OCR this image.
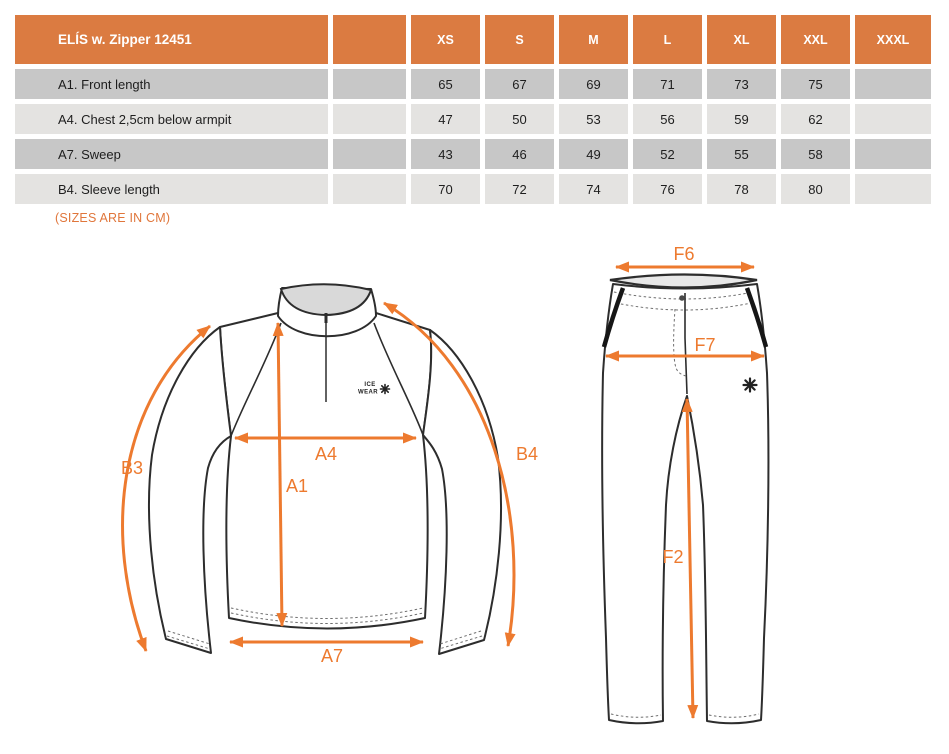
ELÍS w. Zipper 12451		XS	S	M	L	XL	XXL	XXXL
A1. Front length		65	67	69	71	73	75	
A4. Chest 2,5cm below armpit		47	50	53	56	59	62	
A7. Sweep		43	46	49	52	55	58	
B4. Sleeve length		70	72	74	76	78	80	
(SIZES ARE IN CM)
ICE
WEAR
A4
A1
A7
B3
B4
F6
F7
F2
